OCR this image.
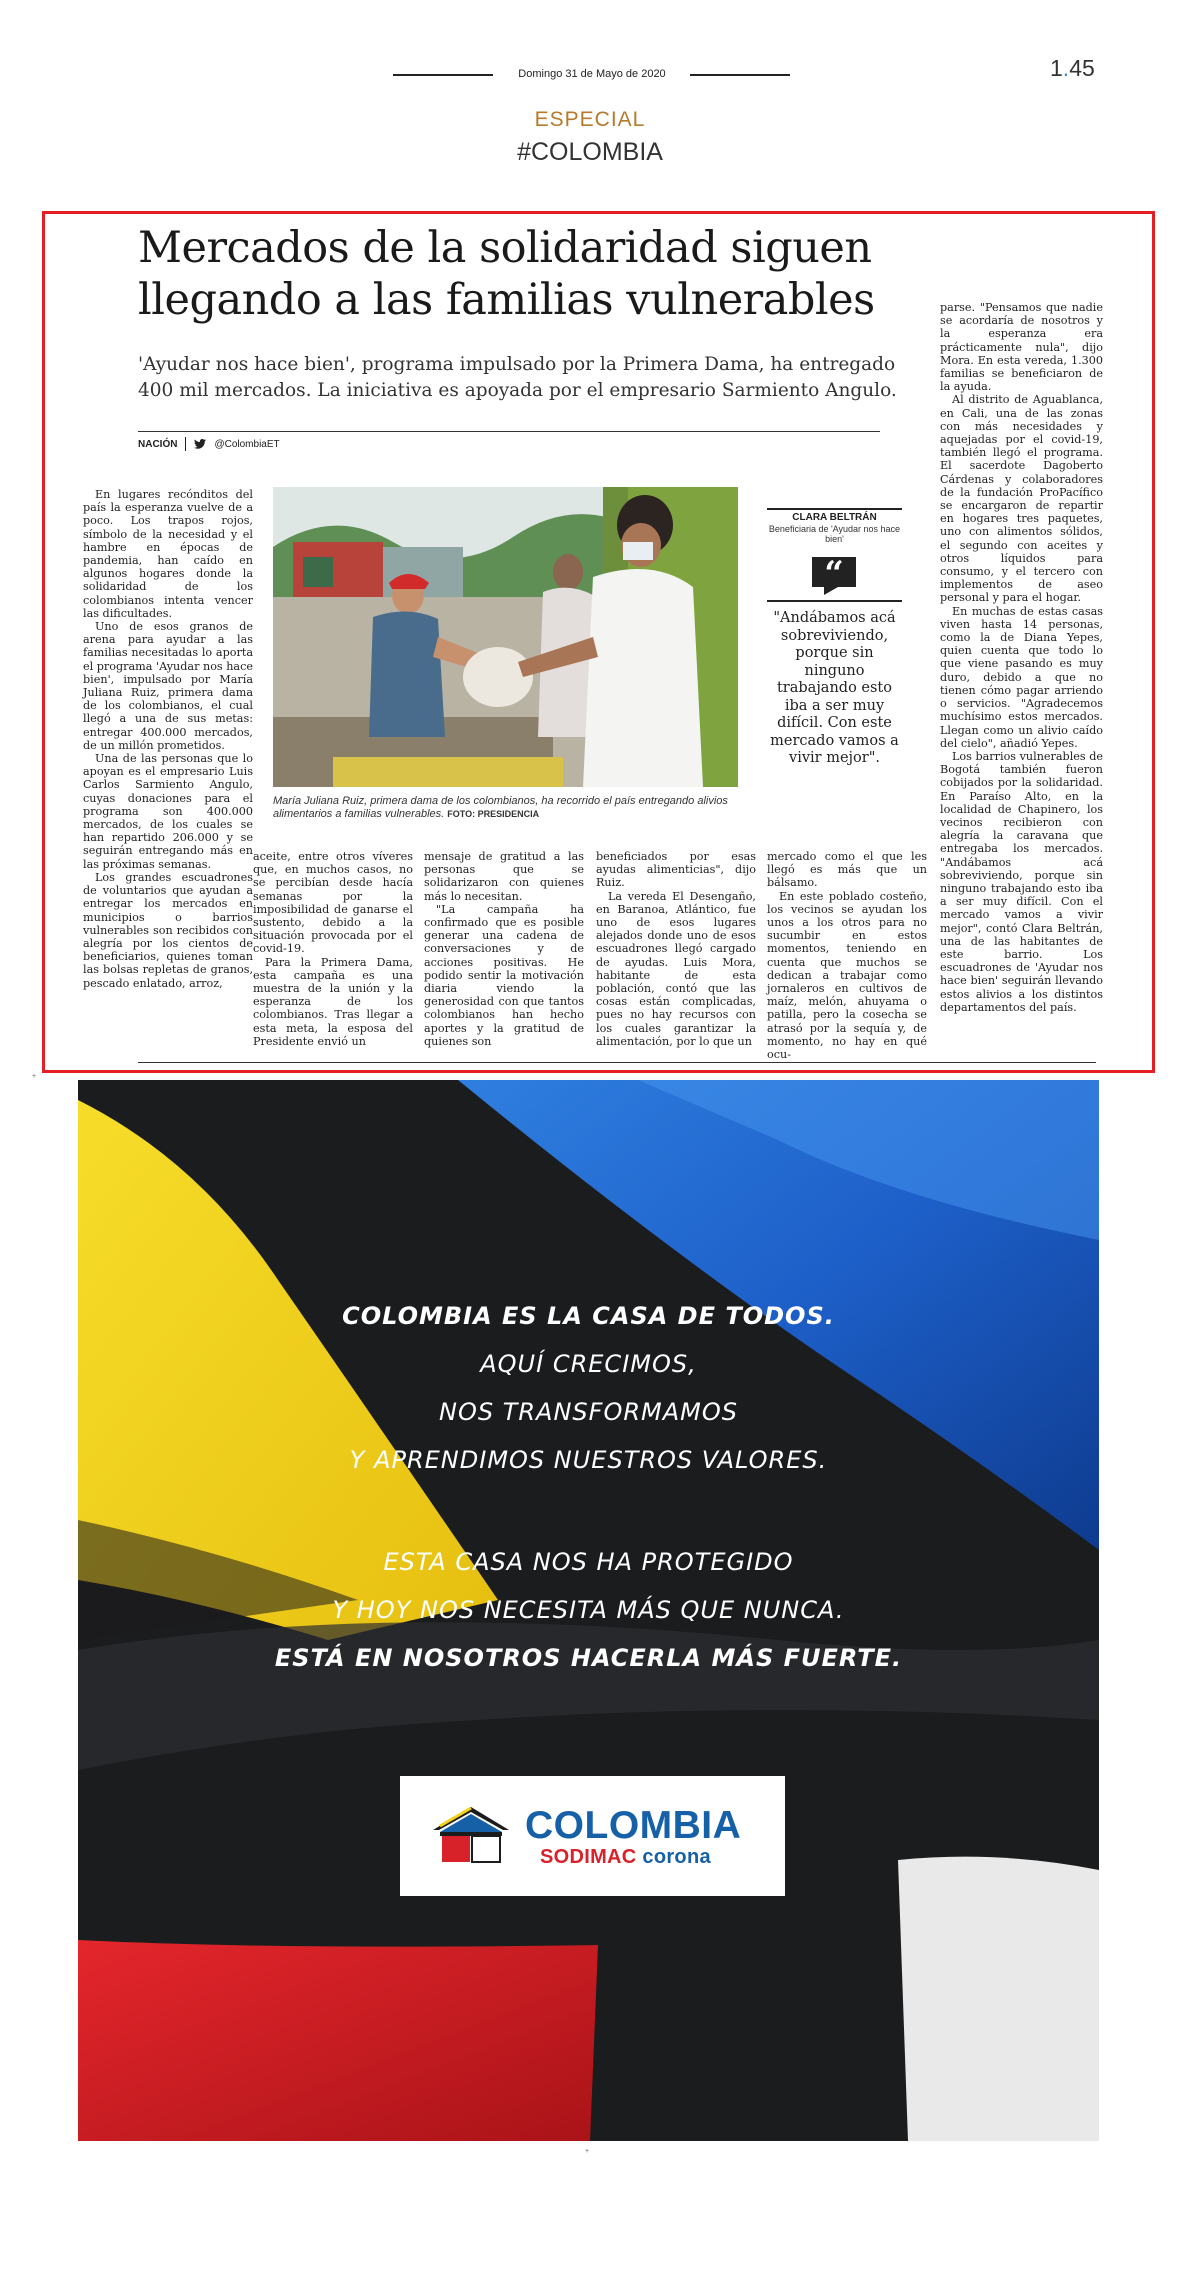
Domingo 31 de Mayo de 2020	1.45
ESPECIAL
#COLOMBIA
Mercados de la solidaridad siguen llegando a las familias vulnerables
'Ayudar nos hace bien', programa impulsado por la Primera Dama, ha entregado 400 mil mercados. La iniciativa es apoyada por el empresario Sarmiento Angulo.
NACIÓN	@ColombiaET

En lugares recónditos del país la esperanza vuelve de a poco. Los trapos rojos, símbolo de la necesidad y el hambre en épocas de pandemia, han caído en algunos hogares donde la solidaridad de los colombianos intenta vencer las dificultades.

Uno de esos granos de arena para ayudar a las familias necesitadas lo aporta el programa 'Ayudar nos hace bien', impulsado por María Juliana Ruiz, primera dama de los colombianos, el cual llegó a una de sus metas: entregar 400.000 mercados, de un millón prometidos.

Una de las personas que lo apoyan es el empresario Luis Carlos Sarmiento Angulo, cuyas donaciones para el programa son 400.000 mercados, de los cuales se han repartido 206.000 y se seguirán entregando más en las próximas semanas.

Los grandes escuadrones de voluntarios que ayudan a entregar los mercados en municipios o barrios vulnerables son recibidos con alegría por los cientos de beneficiarios, quienes toman las bolsas repletas de granos, pescado enlatado, arroz,

María Juliana Ruiz, primera dama de los colombianos, ha recorrido el país entregando alivios alimentarios a familias vulnerables. FOTO: PRESIDENCIA
CLARA BELTRÁN
Beneficiaria de 'Ayudar nos hace bien'
“
"Andábamos acá sobreviviendo, porque sin ninguno trabajando esto iba a ser muy difícil. Con este mercado vamos a vivir mejor".

aceite, entre otros víveres que, en muchos casos, no se percibían desde hacía semanas por la imposibilidad de ganarse el sustento, debido a la situación provocada por el covid-19.

Para la Primera Dama, esta campaña es una muestra de la unión y la esperanza de los colombianos. Tras llegar a esta meta, la esposa del Presidente envió un

mensaje de gratitud a las personas que se solidarizaron con quienes más lo necesitan.

"La campaña ha confirmado que es posible generar una cadena de conversaciones y de acciones positivas. He podido sentir la motivación diaria viendo la generosidad con que tantos colombianos han hecho aportes y la gratitud de quienes son

beneficiados por esas ayudas alimenticias", dijo Ruiz.

La vereda El Desengaño, en Baranoa, Atlántico, fue uno de esos lugares alejados donde uno de esos escuadrones llegó cargado de ayudas. Luis Mora, habitante de esta población, contó que las cosas están complicadas, pues no hay recursos con los cuales garantizar la alimentación, por lo que un

mercado como el que les llegó es más que un bálsamo.

En este poblado costeño, los vecinos se ayudan los unos a los otros para no sucumbir en estos momentos, teniendo en cuenta que muchos se dedican a trabajar como jornaleros en cultivos de maíz, melón, ahuyama o patilla, pero la cosecha se atrasó por la sequía y, de momento, no hay en qué ocu-

parse. "Pensamos que nadie se acordaría de nosotros y la esperanza era prácticamente nula", dijo Mora. En esta vereda, 1.300 familias se beneficiaron de la ayuda.

Al distrito de Aguablanca, en Cali, una de las zonas con más necesidades y aquejadas por el covid-19, también llegó el programa. El sacerdote Dagoberto Cárdenas y colaboradores de la fundación ProPacífico se encargaron de repartir en hogares tres paquetes, uno con alimentos sólidos, el segundo con aceites y otros líquidos para consumo, y el tercero con implementos de aseo personal y para el hogar.

En muchas de estas casas viven hasta 14 personas, como la de Diana Yepes, quien cuenta que todo lo que viene pasando es muy duro, debido a que no tienen cómo pagar arriendo o servicios. "Agradecemos muchísimo estos mercados. Llegan como un alivio caído del cielo", añadió Yepes.

Los barrios vulnerables de Bogotá también fueron cobijados por la solidaridad. En Paraíso Alto, en la localidad de Chapinero, los vecinos recibieron con alegría la caravana que entregaba los mercados. "Andábamos acá sobreviviendo, porque sin ninguno trabajando esto iba a ser muy difícil. Con el mercado vamos a vivir mejor", contó Clara Beltrán, una de las habitantes de este barrio. Los escuadrones de 'Ayudar nos hace bien' seguirán llevando estos alivios a los distintos departamentos del país.

+
COLOMBIA ES LA CASA DE TODOS.
AQUÍ CRECIMOS,
NOS TRANSFORMAMOS
Y APRENDIMOS NUESTROS VALORES.
ESTA CASA NOS HA PROTEGIDO
Y HOY NOS NECESITA MÁS QUE NUNCA.
ESTÁ EN NOSOTROS HACERLA MÁS FUERTE.
COLOMBIA
SODIMAC corona
+
